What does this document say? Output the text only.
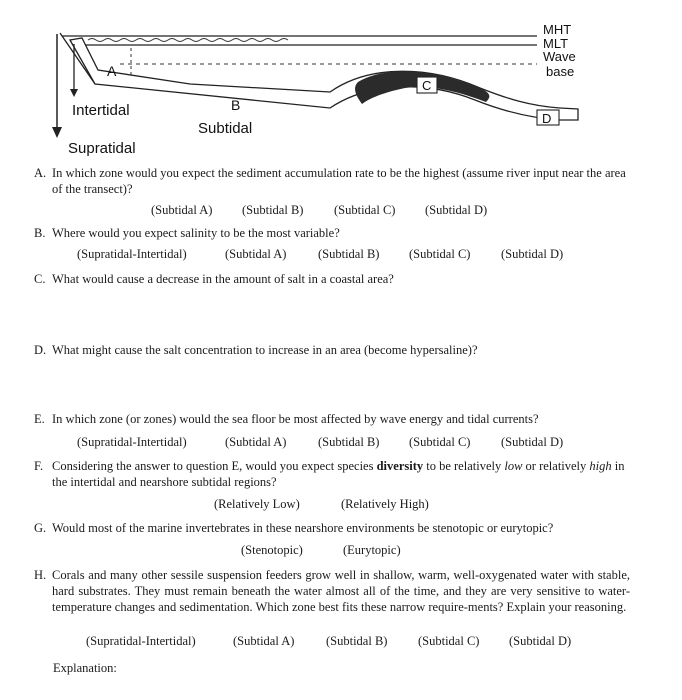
MHT
MLT
Wave
base
A
B
C
D
Intertidal
Subtidal
Supratidal
A. In which zone would you expect the sediment accumulation rate to be the highest (assume river input near the area of the transect)?
(Subtidal A) (Subtidal B) (Subtidal C) (Subtidal D)
B. Where would you expect salinity to be the most variable?
(Supratidal-Intertidal)	(Subtidal A)	(Subtidal B) (Subtidal C) (Subtidal D)
C. What would cause a decrease in the amount of salt in a coastal area?
D. What might cause the salt concentration to increase in an area (become hypersaline)?
E. In which zone (or zones) would the sea floor be most affected by wave energy and tidal currents?
(Supratidal-Intertidal)	(Subtidal A)	(Subtidal B) (Subtidal C) (Subtidal D)
F. Considering the answer to question E, would you expect species diversity to be relatively low or relatively high in the intertidal and nearshore subtidal regions?
(Relatively Low)	(Relatively High)
G. Would most of the marine invertebrates in these nearshore environments be stenotopic or eurytopic?
(Stenotopic)	(Eurytopic)
H. Corals and many other sessile suspension feeders grow well in shallow, warm, well-oxygenated water with stable, hard substrates. They must remain beneath the water almost all of the time, and they are very sensitive to water-temperature changes and sedimentation. Which zone best fits these narrow require-ments? Explain your reasoning.
(Supratidal-Intertidal)	(Subtidal A)	(Subtidal B) (Subtidal C) (Subtidal D)
Explanation:
